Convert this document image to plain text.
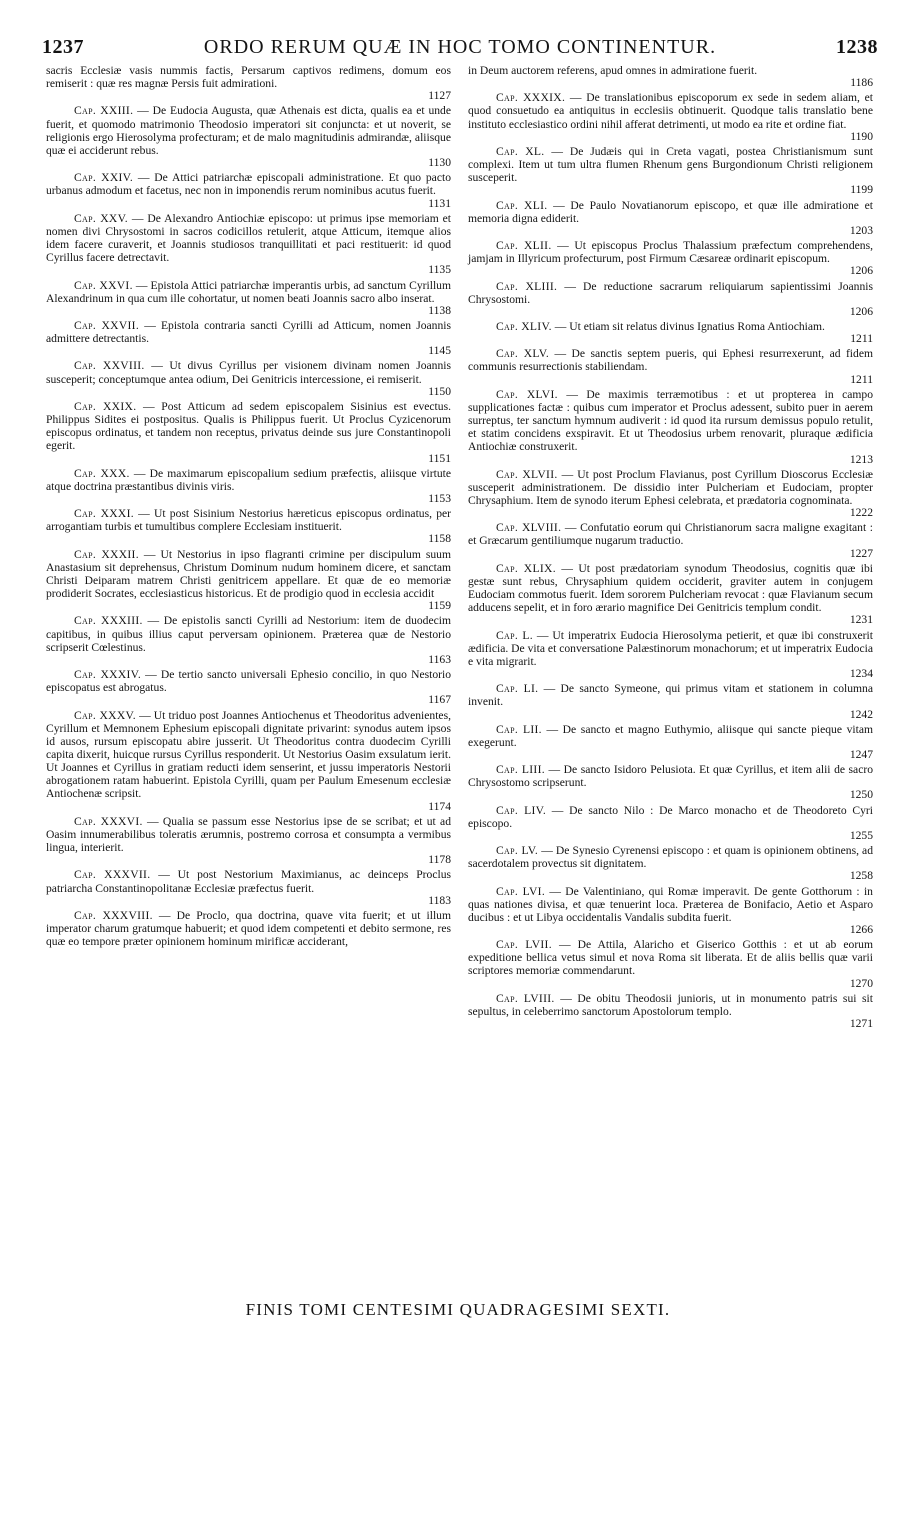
1237	ORDO RERUM QUÆ IN HOC TOMO CONTINENTUR.	1238

sacris Ecclesiæ vasis nummis factis, Persarum captivos redimens, domum eos remiserit : quæ res magnæ Persis fuit admirationi.
1127

Cap. XXIII. — De Eudocia Augusta, quæ Athenais est dicta, qualis ea et unde fuerit, et quomodo matrimonio Theodosio imperatori sit conjuncta: et ut noverit, se religionis ergo Hierosolyma profecturam; et de malo magnitudinis admirandæ, aliisque quæ ei acciderunt rebus.
1130

Cap. XXIV. — De Attici patriarchæ episcopali administratione. Et quo pacto urbanus admodum et facetus, nec non in imponendis rerum nominibus acutus fuerit.
1131

Cap. XXV. — De Alexandro Antiochiæ episcopo: ut primus ipse memoriam et nomen divi Chrysostomi in sacros codicillos retulerit, atque Atticum, itemque alios idem facere curaverit, et Joannis studiosos tranquillitati et paci restituerit: id quod Cyrillus facere detrectavit.
1135

Cap. XXVI. — Epistola Attici patriarchæ imperantis urbis, ad sanctum Cyrillum Alexandrinum in qua cum ille cohortatur, ut nomen beati Joannis sacro albo inserat.
1138

Cap. XXVII. — Epistola contraria sancti Cyrilli ad Atticum, nomen Joannis admittere detrectantis.
1145

Cap. XXVIII. — Ut divus Cyrillus per visionem divinam nomen Joannis susceperit; conceptumque antea odium, Dei Genitricis intercessione, ei remiserit.
1150

Cap. XXIX. — Post Atticum ad sedem episcopalem Sisinius est evectus. Philippus Sidites ei postpositus. Qualis is Philippus fuerit. Ut Proclus Cyzicenorum episcopus ordinatus, et tandem non receptus, privatus deinde sus jure Constantinopoli egerit.
1151

Cap. XXX. — De maximarum episcopalium sedium præfectis, aliisque virtute atque doctrina præstantibus divinis viris.
1153

Cap. XXXI. — Ut post Sisinium Nestorius hæreticus episcopus ordinatus, per arrogantiam turbis et tumultibus complere Ecclesiam instituerit.
1158

Cap. XXXII. — Ut Nestorius in ipso flagranti crimine per discipulum suum Anastasium sit deprehensus, Christum Dominum nudum hominem dicere, et sanctam Christi Deiparam matrem Christi genitricem appellare. Et quæ de eo memoriæ prodiderit Socrates, ecclesiasticus historicus. Et de prodigio quod in ecclesia accidit
1159

Cap. XXXIII. — De epistolis sancti Cyrilli ad Nestorium: item de duodecim capitibus, in quibus illius caput perversam opinionem. Præterea quæ de Nestorio scripserit Cœlestinus.
1163

Cap. XXXIV. — De tertio sancto universali Ephesio concilio, in quo Nestorio episcopatus est abrogatus.
1167

Cap. XXXV. — Ut triduo post Joannes Antiochenus et Theodoritus advenientes, Cyrillum et Memnonem Ephesium episcopali dignitate privarint: synodus autem ipsos id ausos, rursum episcopatu abire jusserit. Ut Theodoritus contra duodecim Cyrilli capita dixerit, huicque rursus Cyrillus responderit. Ut Nestorius Oasim exsulatum ierit. Ut Joannes et Cyrillus in gratiam reducti idem senserint, et jussu imperatoris Nestorii abrogationem ratam habuerint. Epistola Cyrilli, quam per Paulum Emesenum ecclesiæ Antiochenæ scripsit.
1174

Cap. XXXVI. — Qualia se passum esse Nestorius ipse de se scribat; et ut ad Oasim innumerabilibus toleratis ærumnis, postremo corrosa et consumpta a vermibus lingua, interierit.
1178

Cap. XXXVII. — Ut post Nestorium Maximianus, ac deinceps Proclus patriarcha Constantinopolitanæ Ecclesiæ præfectus fuerit.
1183

Cap. XXXVIII. — De Proclo, qua doctrina, quave vita fuerit; et ut illum imperator charum gratumque habuerit; et quod idem competenti et debito sermone, res quæ eo tempore præter opinionem hominum mirificæ acciderant,

in Deum auctorem referens, apud omnes in admiratione fuerit.
1186

Cap. XXXIX. — De translationibus episcoporum ex sede in sedem aliam, et quod consuetudo ea antiquitus in ecclesiis obtinuerit. Quodque talis translatio bene instituto ecclesiastico ordini nihil afferat detrimenti, ut modo ea rite et ordine fiat.
1190

Cap. XL. — De Judæis qui in Creta vagati, postea Christianismum sunt complexi. Item ut tum ultra flumen Rhenum gens Burgondionum Christi religionem susceperit.
1199

Cap. XLI. — De Paulo Novatianorum episcopo, et quæ ille admiratione et memoria digna ediderit.
1203

Cap. XLII. — Ut episcopus Proclus Thalassium præfectum comprehendens, jamjam in Illyricum profecturum, post Firmum Cæsareæ ordinarit episcopum.
1206

Cap. XLIII. — De reductione sacrarum reliquiarum sapientissimi Joannis Chrysostomi.
1206

Cap. XLIV. — Ut etiam sit relatus divinus Ignatius Roma Antiochiam.
1211

Cap. XLV. — De sanctis septem pueris, qui Ephesi resurrexerunt, ad fidem communis resurrectionis stabiliendam.
1211

Cap. XLVI. — De maximis terræmotibus : et ut propterea in campo supplicationes factæ : quibus cum imperator et Proclus adessent, subito puer in aerem surreptus, ter sanctum hymnum audiverit : id quod ita rursum demissus populo retulit, et statim concidens exspiravit. Et ut Theodosius urbem renovarit, pluraque ædificia Antiochiæ construxerit.
1213

Cap. XLVII. — Ut post Proclum Flavianus, post Cyrillum Dioscorus Ecclesiæ susceperit administrationem. De dissidio inter Pulcheriam et Eudociam, propter Chrysaphium. Item de synodo iterum Ephesi celebrata, et prædatoria cognominata.
1222

Cap. XLVIII. — Confutatio eorum qui Christianorum sacra maligne exagitant : et Græcarum gentiliumque nugarum traductio.
1227

Cap. XLIX. — Ut post prædatoriam synodum Theodosius, cognitis quæ ibi gestæ sunt rebus, Chrysaphium quidem occiderit, graviter autem in conjugem Eudociam commotus fuerit. Idem sororem Pulcheriam revocat : quæ Flavianum secum adducens sepelit, et in foro ærario magnifice Dei Genitricis templum condit.
1231

Cap. L. — Ut imperatrix Eudocia Hierosolyma petierit, et quæ ibi construxerit ædificia. De vita et conversatione Palæstinorum monachorum; et ut imperatrix Eudocia e vita migrarit.
1234

Cap. LI. — De sancto Symeone, qui primus vitam et stationem in columna invenit.
1242

Cap. LII. — De sancto et magno Euthymio, aliisque qui sancte pieque vitam exegerunt.
1247

Cap. LIII. — De sancto Isidoro Pelusiota. Et quæ Cyrillus, et item alii de sacro Chrysostomo scripserunt.
1250

Cap. LIV. — De sancto Nilo : De Marco monacho et de Theodoreto Cyri episcopo.
1255

Cap. LV. — De Synesio Cyrenensi episcopo : et quam is opinionem obtinens, ad sacerdotalem provectus sit dignitatem.
1258

Cap. LVI. — De Valentiniano, qui Romæ imperavit. De gente Gotthorum : in quas nationes divisa, et quæ tenuerint loca. Præterea de Bonifacio, Aetio et Asparo ducibus : et ut Libya occidentalis Vandalis subdita fuerit.
1266

Cap. LVII. — De Attila, Alaricho et Giserico Gotthis : et ut ab eorum expeditione bellica vetus simul et nova Roma sit liberata. Et de aliis bellis quæ varii scriptores memoriæ commendarunt.
1270

Cap. LVIII. — De obitu Theodosii junioris, ut in monumento patris sui sit sepultus, in celeberrimo sanctorum Apostolorum templo.
1271

FINIS TOMI CENTESIMI QUADRAGESIMI SEXTI.
